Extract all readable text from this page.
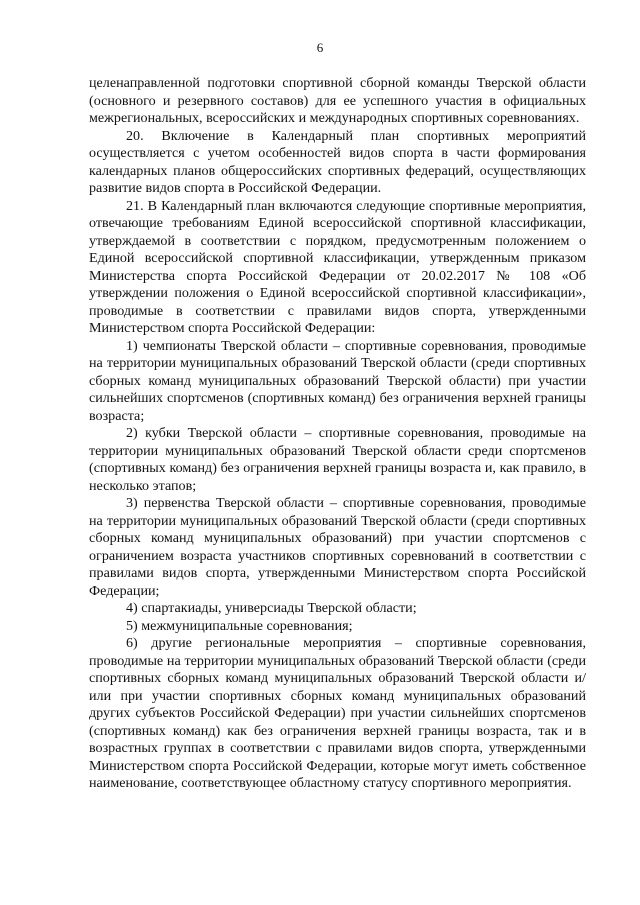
6

целенаправленной подготовки спортивной сборной команды Тверской области (основного и резервного составов) для ее успешного участия в официальных межрегиональных, всероссийских и международных спортивных соревнованиях.

20. Включение в Календарный план спортивных мероприятий осуществляется с учетом особенностей видов спорта в части формирования календарных планов общероссийских спортивных федераций, осуществляющих развитие видов спорта в Российской Федерации.

21. В Календарный план включаются следующие спортивные мероприятия, отвечающие требованиям Единой всероссийской спортивной классификации, утверждаемой в соответствии с порядком, предусмотренным положением о Единой всероссийской спортивной классификации, утвержденным приказом Министерства спорта Российской Федерации от 20.02.2017 № 108 «Об утверждении положения о Единой всероссийской спортивной классификации», проводимые в соответствии с правилами видов спорта, утвержденными Министерством спорта Российской Федерации:

1) чемпионаты Тверской области – спортивные соревнования, проводимые на территории муниципальных образований Тверской области (среди спортивных сборных команд муниципальных образований Тверской области) при участии сильнейших спортсменов (спортивных команд) без ограничения верхней границы возраста;

2) кубки Тверской области – спортивные соревнования, проводимые на территории муниципальных образований Тверской области среди спортсменов (спортивных команд) без ограничения верхней границы возраста и, как правило, в несколько этапов;

3) первенства Тверской области – спортивные соревнования, проводимые на территории муниципальных образований Тверской области (среди спортивных сборных команд муниципальных образований) при участии спортсменов с ограничением возраста участников спортивных соревнований в соответствии с правилами видов спорта, утвержденными Министерством спорта Российской Федерации;

4) спартакиады, универсиады Тверской области;

5) межмуниципальные соревнования;

6) другие региональные мероприятия – спортивные соревнования, проводимые на территории муниципальных образований Тверской области (среди спортивных сборных команд муниципальных образований Тверской области и/или при участии спортивных сборных команд муниципальных образований других субъектов Российской Федерации) при участии сильнейших спортсменов (спортивных команд) как без ограничения верхней границы возраста, так и в возрастных группах в соответствии с правилами видов спорта, утвержденными Министерством спорта Российской Федерации, которые могут иметь собственное наименование, соответствующее областному статусу спортивного мероприятия.
